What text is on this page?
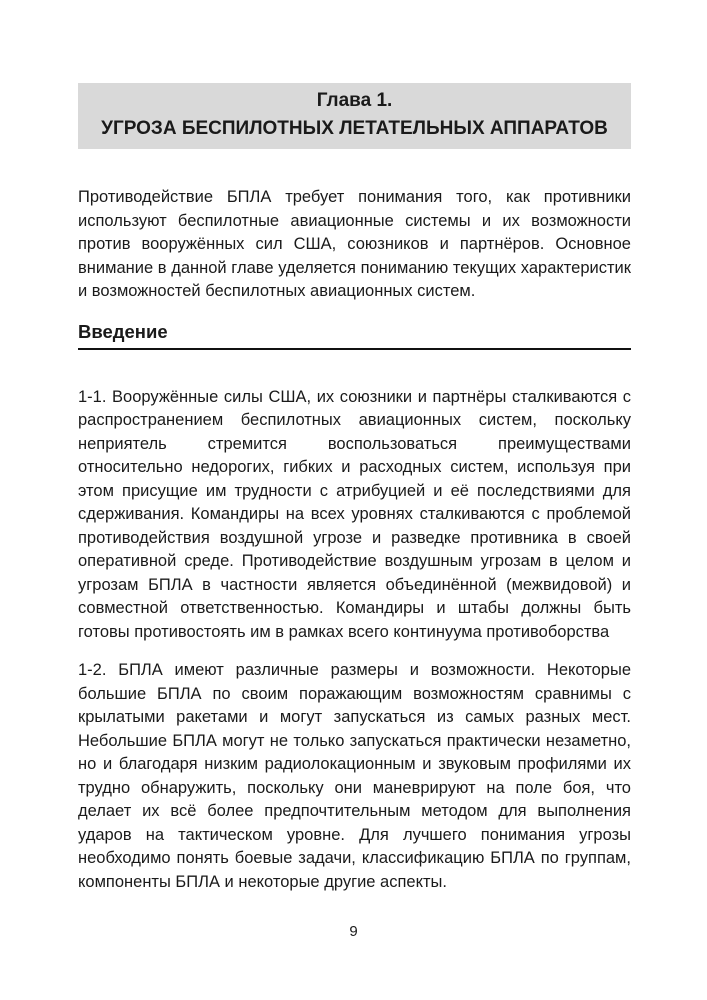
Глава 1.
УГРОЗА БЕСПИЛОТНЫХ ЛЕТАТЕЛЬНЫХ АППАРАТОВ

Противодействие БПЛА требует понимания того, как противники используют беспилотные авиационные системы и их возможности против вооружённых сил США, союзников и партнёров. Основное внимание в данной главе уделяется пониманию текущих характеристик и возможностей беспилотных авиационных систем.

Введение

1-1. Вооружённые силы США, их союзники и партнёры сталкиваются с распространением беспилотных авиационных систем, поскольку неприятель стремится воспользоваться преимуществами относительно недорогих, гибких и расходных систем, используя при этом присущие им трудности с атрибуцией и её последствиями для сдерживания. Командиры на всех уровнях сталкиваются с проблемой противодействия воздушной угрозе и разведке противника в своей оперативной среде. Противодействие воздушным угрозам в целом и угрозам БПЛА в частности является объединённой (межвидовой) и совместной ответственностью. Командиры и штабы должны быть готовы противостоять им в рамках всего континуума противоборства

1-2. БПЛА имеют различные размеры и возможности. Некоторые большие БПЛА по своим поражающим возможностям сравнимы с крылатыми ракетами и могут запускаться из самых разных мест. Небольшие БПЛА могут не только запускаться практически незаметно, но и благодаря низким радиолокационным и звуковым профилями их трудно обнаружить, поскольку они маневрируют на поле боя, что делает их всё более предпочтительным методом для выполнения ударов на тактическом уровне. Для лучшего понимания угрозы необходимо понять боевые задачи, классификацию БПЛА по группам, компоненты БПЛА и некоторые другие аспекты.

9
